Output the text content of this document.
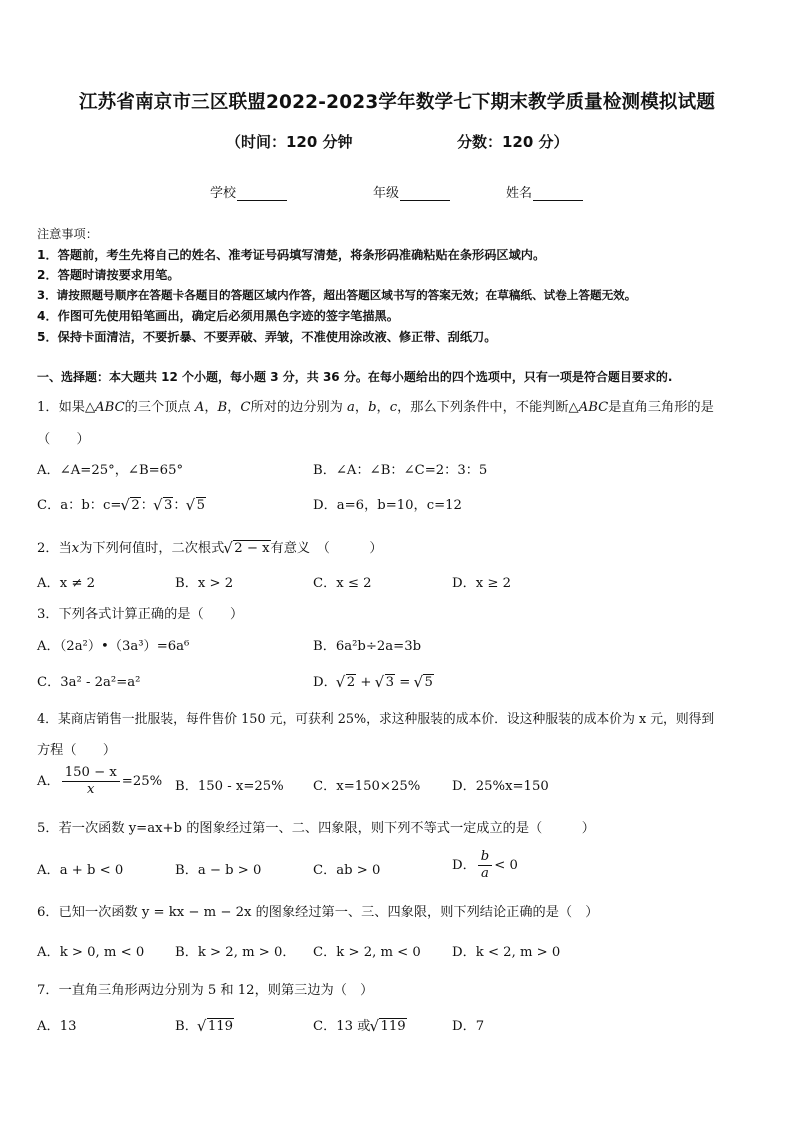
江苏省南京市三区联盟2022-2023学年数学七下期末教学质量检测模拟试题
（时间：120 分钟	分数：120 分）
学校	年级	姓名
注意事项：
1．答题前，考生先将自己的姓名、准考证号码填写清楚，将条形码准确粘贴在条形码区域内。
2．答题时请按要求用笔。
3．请按照题号顺序在答题卡各题目的答题区域内作答，超出答题区域书写的答案无效；在草稿纸、试卷上答题无效。
4．作图可先使用铅笔画出，确定后必须用黑色字迹的签字笔描黑。
5．保持卡面清洁，不要折暴、不要弄破、弄皱，不准使用涂改液、修正带、刮纸刀。
一、选择题：本大题共 12 个小题，每小题 3 分，共 36 分。在每小题给出的四个选项中，只有一项是符合题目要求的.
1．如果△ABC的三个顶点 A，B，C所对的边分别为 a，b，c，那么下列条件中，不能判断△ABC是直角三角形的是
（　　）
A．∠A=25°，∠B=65°	B．∠A：∠B：∠C=2：3：5
C．a：b：c= √ 2： √ 3： √ 5	D．a=6，b=10，c=12
2．当x为下列何值时，二次根式 √ 2 − x有意义　（　　　）
A．x ≠ 2	B．x > 2	C．x ≤ 2	D．x ≥ 2
3．下列各式计算正确的是（　　）
A．（2a²）•（3a³）=6a⁶	B．6a²b÷2a=3b
C．3a² - 2a²=a²	D． √ 2 + √ 3 = √ 5
4．某商店销售一批服装，每件售价 150 元，可获利 25%，求这种服装的成本价．设这种服装的成本价为 x 元，则得到
方程（　　）
A． $\frac{150 - x}{x} =25\%$ B．150 - x=25% C．x=150×25% D．25%x=150
5．若一次函数 y=ax+b 的图象经过第一、二、四象限，则下列不等式一定成立的是（　　　）
A．a + b < 0	B．a − b > 0	C．ab > 0	D． $\frac{b}{a} < 0$
6．已知一次函数 y = kx − m − 2x 的图象经过第一、三、四象限，则下列结论正确的是（　）
A．k > 0, m < 0 B．k > 2, m > 0． C．k > 2, m < 0 D．k < 2, m > 0
7．一直角三角形两边分别为 5 和 12，则第三边为（　）
A．13	B． √ 119	C．13 或 √ 119	D．7
